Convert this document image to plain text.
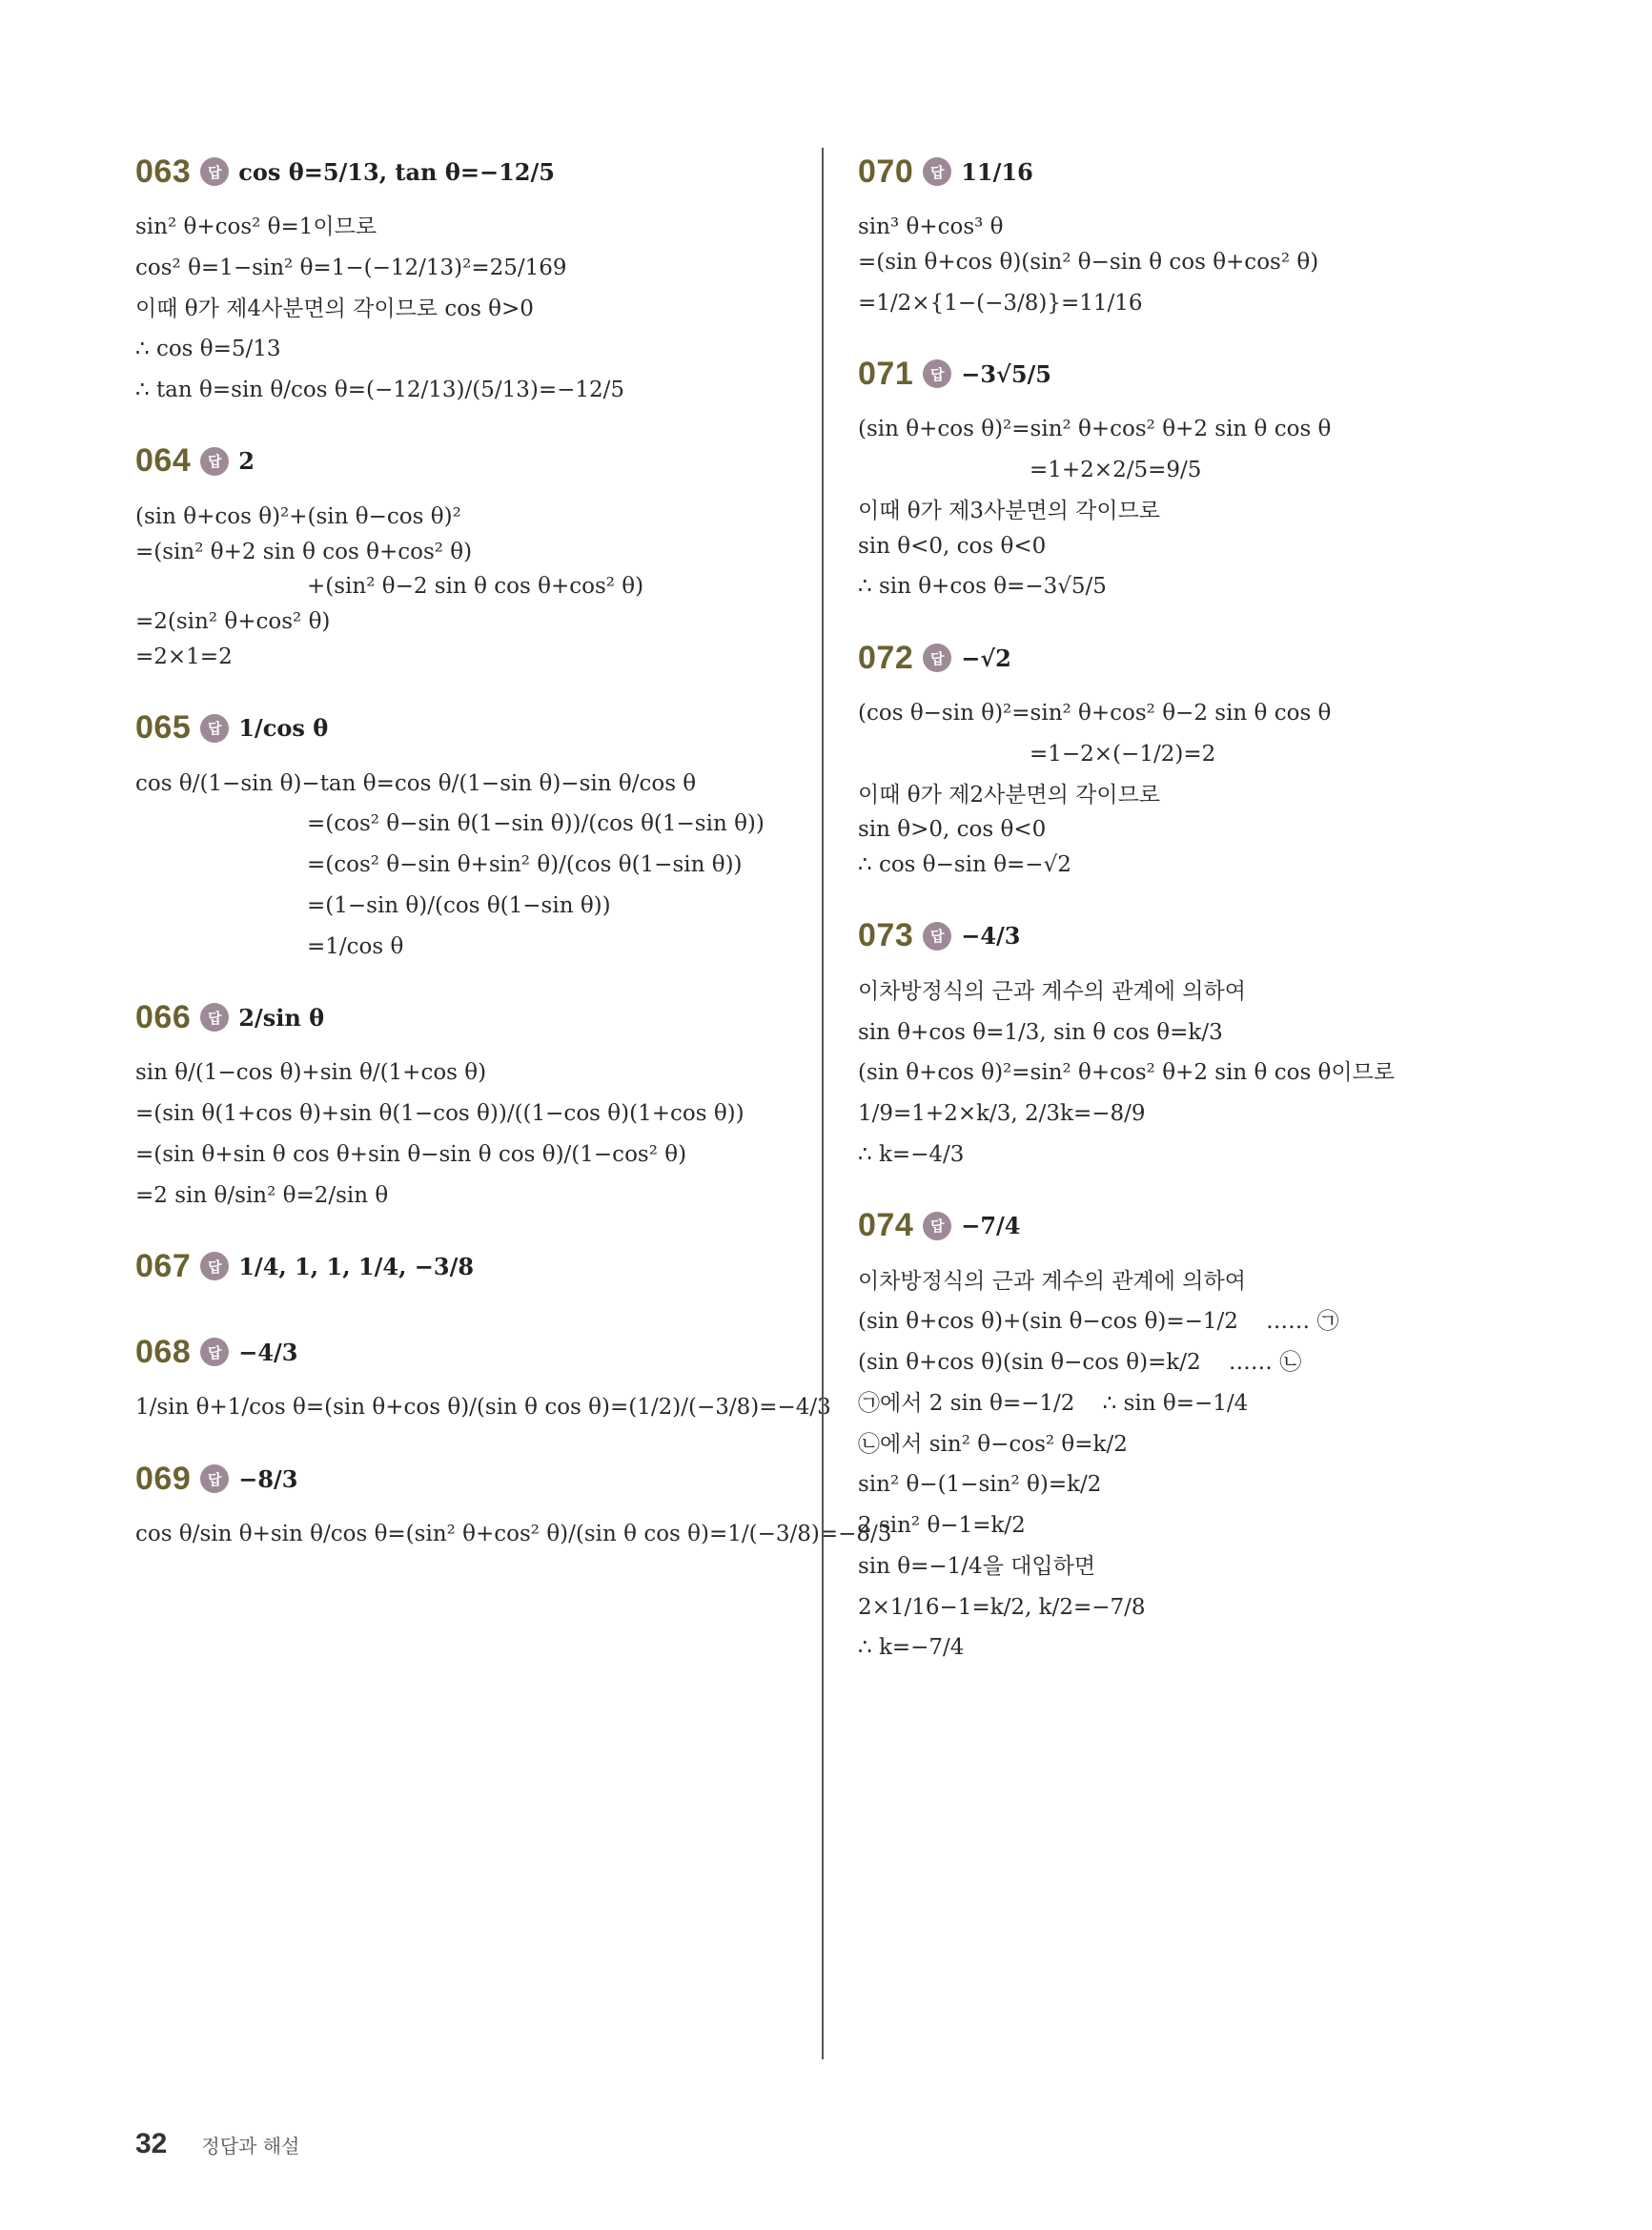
063	답 cos θ=5/13, tan θ=−12/5
sin² θ+cos² θ=1이므로
cos² θ=1−sin² θ=1−(−12/13)²=25/169
이때 θ가 제4사분면의 각이므로 cos θ>0
∴ cos θ=5/13
∴ tan θ=sin θ/cos θ=(−12/13)/(5/13)=−12/5
064	답 2
(sin θ+cos θ)²+(sin θ−cos θ)²
=(sin² θ+2 sin θ cos θ+cos² θ)
+(sin² θ−2 sin θ cos θ+cos² θ)
=2(sin² θ+cos² θ)
=2×1=2
065	답 1/cos θ
cos θ/(1−sin θ)−tan θ=cos θ/(1−sin θ)−sin θ/cos θ
=(cos² θ−sin θ(1−sin θ))/(cos θ(1−sin θ))
=(cos² θ−sin θ+sin² θ)/(cos θ(1−sin θ))
=(1−sin θ)/(cos θ(1−sin θ))
=1/cos θ
066	답 2/sin θ
sin θ/(1−cos θ)+sin θ/(1+cos θ)
=(sin θ(1+cos θ)+sin θ(1−cos θ))/((1−cos θ)(1+cos θ))
=(sin θ+sin θ cos θ+sin θ−sin θ cos θ)/(1−cos² θ)
=2 sin θ/sin² θ=2/sin θ
067	답 1/4, 1, 1, 1/4, −3/8
068	답 −4/3
1/sin θ+1/cos θ=(sin θ+cos θ)/(sin θ cos θ)=(1/2)/(−3/8)=−4/3
069	답 −8/3
cos θ/sin θ+sin θ/cos θ=(sin² θ+cos² θ)/(sin θ cos θ)=1/(−3/8)=−8/3
070	답 11/16
sin³ θ+cos³ θ
=(sin θ+cos θ)(sin² θ−sin θ cos θ+cos² θ)
=1/2×{1−(−3/8)}=11/16
071	답 −3√5/5
(sin θ+cos θ)²=sin² θ+cos² θ+2 sin θ cos θ
=1+2×2/5=9/5
이때 θ가 제3사분면의 각이므로
sin θ<0, cos θ<0
∴ sin θ+cos θ=−3√5/5
072	답 −√2
(cos θ−sin θ)²=sin² θ+cos² θ−2 sin θ cos θ
=1−2×(−1/2)=2
이때 θ가 제2사분면의 각이므로
sin θ>0, cos θ<0
∴ cos θ−sin θ=−√2
073	답 −4/3
이차방정식의 근과 계수의 관계에 의하여
sin θ+cos θ=1/3, sin θ cos θ=k/3
(sin θ+cos θ)²=sin² θ+cos² θ+2 sin θ cos θ이므로
1/9=1+2×k/3, 2/3k=−8/9
∴ k=−4/3
074	답 −7/4
이차방정식의 근과 계수의 관계에 의하여
(sin θ+cos θ)+(sin θ−cos θ)=−1/2    …… ㉠
(sin θ+cos θ)(sin θ−cos θ)=k/2    …… ㉡
㉠에서 2 sin θ=−1/2    ∴ sin θ=−1/4
㉡에서 sin² θ−cos² θ=k/2
sin² θ−(1−sin² θ)=k/2
2 sin² θ−1=k/2
sin θ=−1/4을 대입하면
2×1/16−1=k/2, k/2=−7/8
∴ k=−7/4
32 정답과 해설
